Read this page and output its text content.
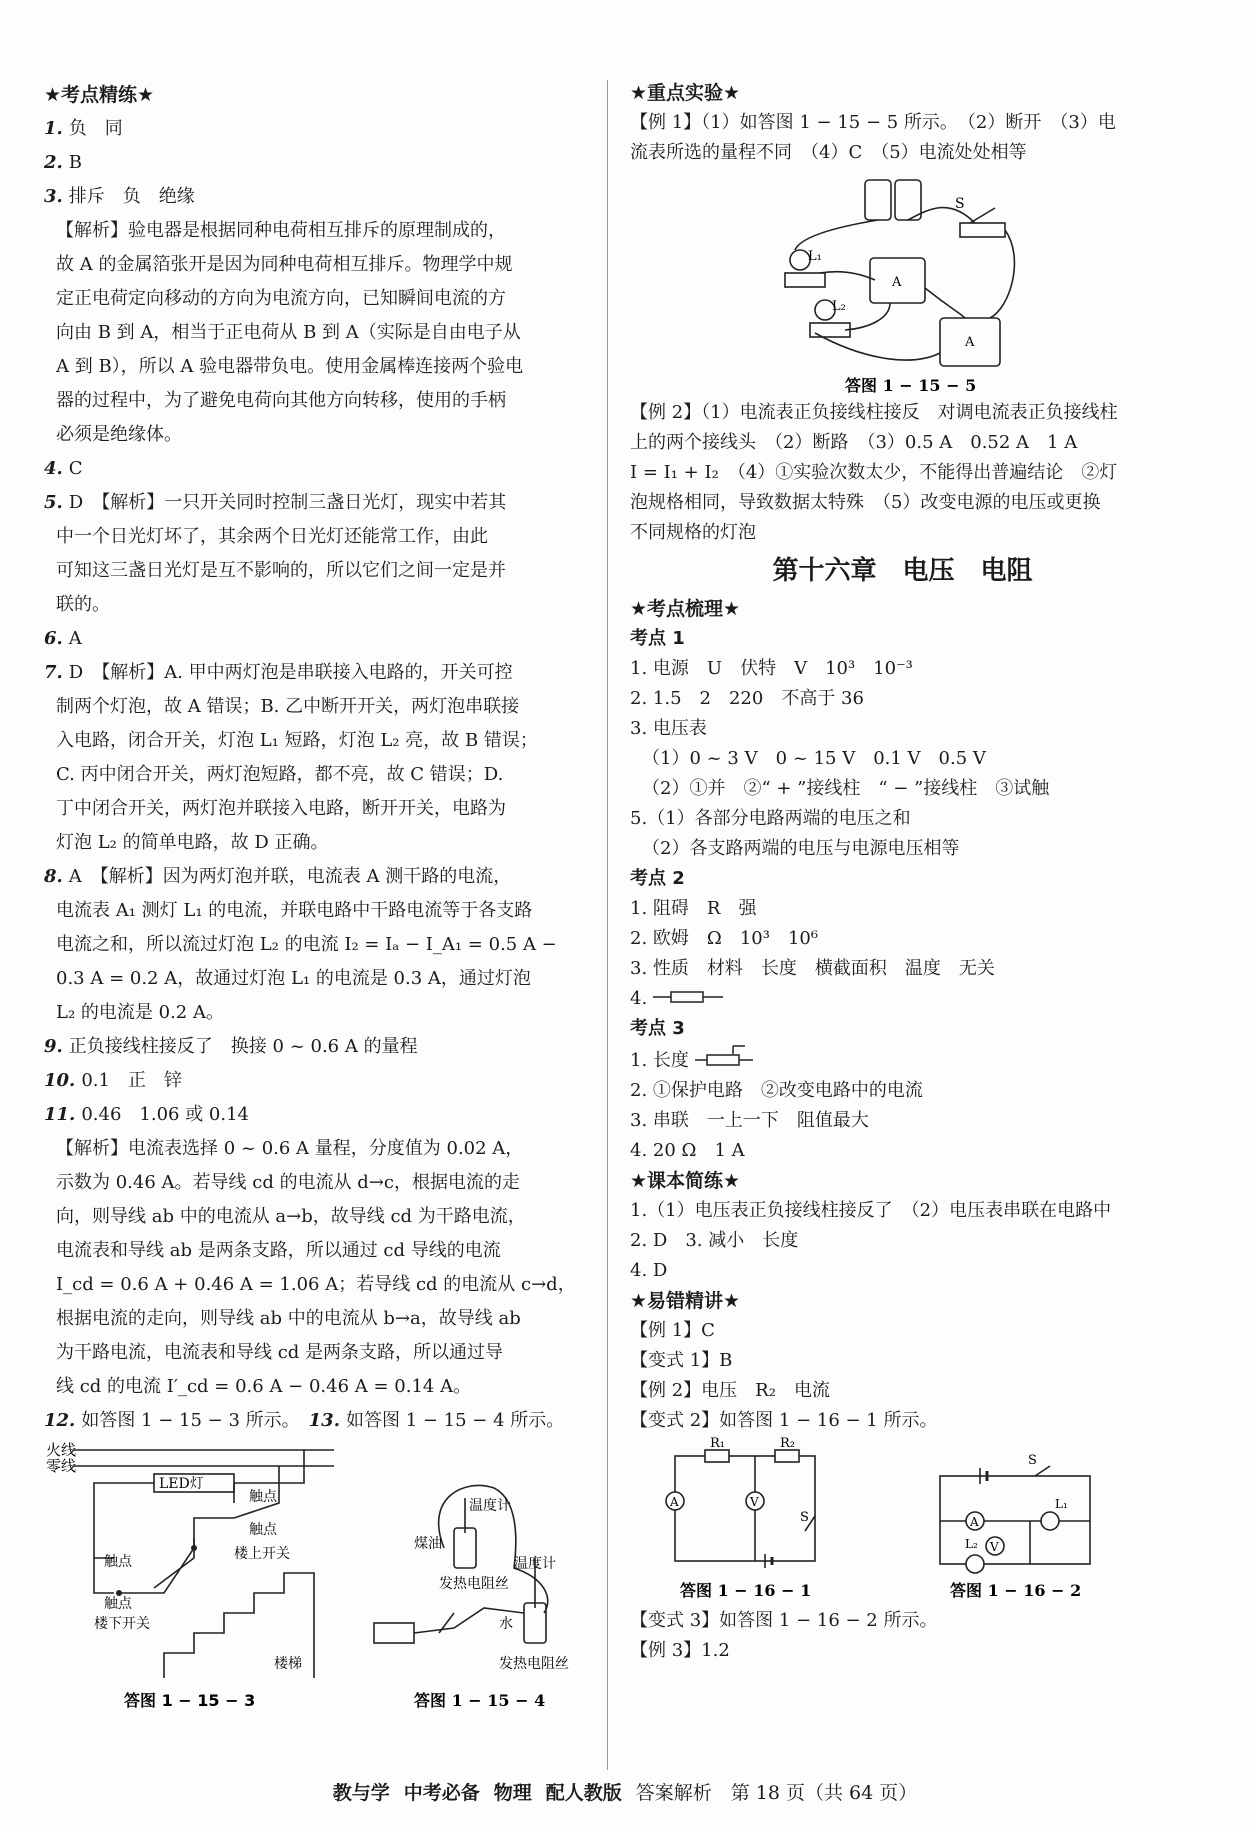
★考点精练★
1. 负　同
2. B
3. 排斥　负　绝缘
【解析】验电器是根据同种电荷相互排斥的原理制成的，
故 A 的金属箔张开是因为同种电荷相互排斥。物理学中规
定正电荷定向移动的方向为电流方向，已知瞬间电流的方
向由 B 到 A，相当于正电荷从 B 到 A（实际是自由电子从
A 到 B），所以 A 验电器带负电。使用金属棒连接两个验电
器的过程中，为了避免电荷向其他方向转移，使用的手柄
必须是绝缘体。
4. C
5. D　【解析】一只开关同时控制三盏日光灯，现实中若其
中一个日光灯坏了，其余两个日光灯还能常工作，由此
可知这三盏日光灯是互不影响的，所以它们之间一定是并
联的。
6. A
7. D　【解析】A. 甲中两灯泡是串联接入电路的，开关可控
制两个灯泡，故 A 错误；B. 乙中断开开关，两灯泡串联接
入电路，闭合开关，灯泡 L₁ 短路，灯泡 L₂ 亮，故 B 错误；
C. 丙中闭合开关，两灯泡短路，都不亮，故 C 错误；D.
丁中闭合开关，两灯泡并联接入电路，断开开关，电路为
灯泡 L₂ 的简单电路，故 D 正确。
8. A　【解析】因为两灯泡并联，电流表 A 测干路的电流，
电流表 A₁ 测灯 L₁ 的电流，并联电路中干路电流等于各支路
电流之和，所以流过灯泡 L₂ 的电流 I₂ = Iₐ − I_A₁ = 0.5 A −
0.3 A = 0.2 A，故通过灯泡 L₁ 的电流是 0.3 A，通过灯泡
L₂ 的电流是 0.2 A。
9. 正负接线柱接反了　换接 0 ~ 0.6 A 的量程
10. 0.1　正　锌
11. 0.46　1.06 或 0.14
【解析】电流表选择 0 ~ 0.6 A 量程，分度值为 0.02 A，
示数为 0.46 A。若导线 cd 的电流从 d→c，根据电流的走
向，则导线 ab 中的电流从 a→b，故导线 cd 为干路电流，
电流表和导线 ab 是两条支路，所以通过 cd 导线的电流
I_cd = 0.6 A + 0.46 A = 1.06 A；若导线 cd 的电流从 c→d，
根据电流的走向，则导线 ab 中的电流从 b→a，故导线 ab
为干路电流，电流表和导线 cd 是两条支路，所以通过导
线 cd 的电流 I′_cd = 0.6 A − 0.46 A = 0.14 A。
12. 如答图 1 − 15 − 3 所示。　 13. 如答图 1 − 15 − 4 所示。
火线
零线
LED灯
触点
触点
楼上开关
触点
触点
楼下开关
楼梯
答图 1 − 15 − 3
温度计
煤油
温度计
发热电阻丝
水
发热电阻丝
答图 1 − 15 − 4
★重点实验★
【例 1】（1）如答图 1 − 15 − 5 所示。　（2）断开　（3）电
流表所选的量程不同　（4）C　（5）电流处处相等
S
L₁
L₂
A
A
答图 1 − 15 − 5
【例 2】（1）电流表正负接线柱接反　对调电流表正负接线柱
上的两个接线头　（2）断路　（3）0.5 A　0.52 A　1 A
I = I₁ + I₂　（4）①实验次数太少，不能得出普遍结论　②灯
泡规格相同，导致数据太特殊　（5）改变电源的电压或更换
不同规格的灯泡
第十六章　电压　电阻
★考点梳理★
考点 1
1. 电源　U　伏特　V　10³　10⁻³
2. 1.5　2　220　不高于 36
3. 电压表
（1）0 ~ 3 V　0 ~ 15 V　0.1 V　0.5 V
（2）①并　②“ + ”接线柱　“ − ”接线柱　③试触
5.（1）各部分电路两端的电压之和
（2）各支路两端的电压与电源电压相等
考点 2
1. 阻碍　R　强
2. 欧姆　Ω　10³　10⁶
3. 性质　材料　长度　横截面积　温度　无关
4.
考点 3
1. 长度
2. ①保护电路　②改变电路中的电流
3. 串联　一上一下　阻值最大
4. 20 Ω　1 A
★课本简练★
1.（1）电压表正负接线柱接反了　（2）电压表串联在电路中
2. D　3. 减小　长度
4. D
★易错精讲★
【例 1】C
【变式 1】B
【例 2】电压　R₂　电流
【变式 2】如答图 1 − 16 − 1 所示。
R₁	R₂
A	V
S
答图 1 − 16 − 1
S
A
V
L₁
L₂
答图 1 − 16 − 2
【变式 3】如答图 1 − 16 − 2 所示。
【例 3】1.2
教与学 中考必备 物理 配人教版 答案解析　第 18 页（共 64 页）
